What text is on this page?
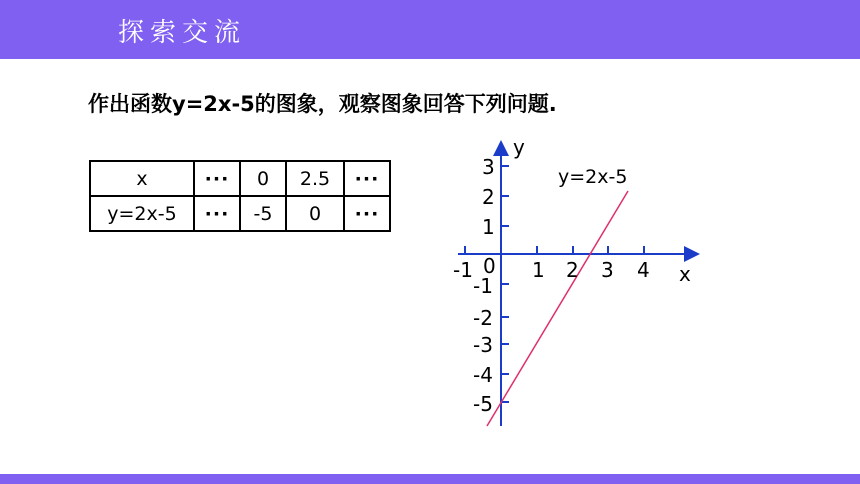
探索交流
作出函数y=2x-5的图象，观察图象回答下列问题.
x	···	0	2.5	···
y=2x-5	···	-5	0	···
y
x
y=2x-5
-1 0 1 2 3 4
3
2
1
-1
-2
-3
-4
-5
